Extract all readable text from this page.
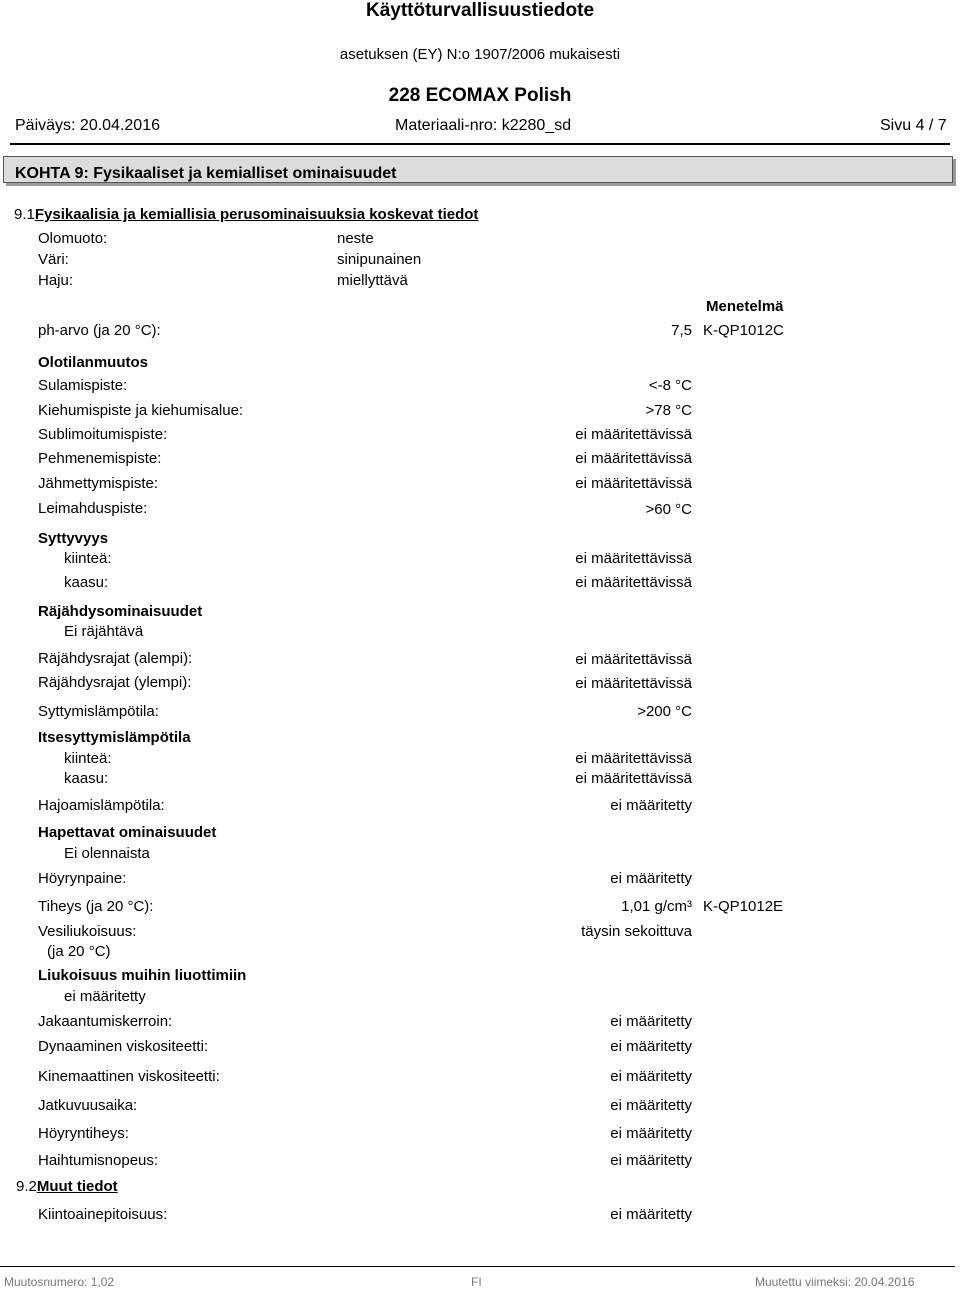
Käyttöturvallisuustiedote
asetuksen (EY) N:o 1907/2006 mukaisesti
228 ECOMAX Polish
Päiväys: 20.04.2016	Materiaali-nro: k2280_sd	Sivu 4 / 7
KOHTA 9: Fysikaaliset ja kemialliset ominaisuudet
9.1Fysikaalisia ja kemiallisia perusominaisuuksia koskevat tiedot
Olomuoto:	neste
Väri:	sinipunainen
Haju:	miellyttävä
Menetelmä
ph-arvo (ja 20 °C):	7,5 K-QP1012C
Olotilanmuutos
Sulamispiste:	<-8 °C
Kiehumispiste ja kiehumisalue:	>78 °C
Sublimoitumispiste:	ei määritettävissä
Pehmenemispiste:	ei määritettävissä
Jähmettymispiste:	ei määritettävissä
Leimahduspiste:	>60 °C
Syttyvyys
kiinteä:	ei määritettävissä
kaasu:	ei määritettävissä
Räjähdysominaisuudet
Ei räjähtävä
Räjähdysrajat (alempi):	ei määritettävissä
Räjähdysrajat (ylempi):	ei määritettävissä
Syttymislämpötila:	>200 °C
Itsesyttymislämpötila
kiinteä:	ei määritettävissä
kaasu:	ei määritettävissä
Hajoamislämpötila:	ei määritetty
Hapettavat ominaisuudet
Ei olennaista
Höyrynpaine:	ei määritetty
Tiheys (ja 20 °C):	1,01 g/cm³ K-QP1012E
Vesiliukoisuus:	täysin sekoittuva
(ja 20 °C)
Liukoisuus muihin liuottimiin
ei määritetty
Jakaantumiskerroin:	ei määritetty
Dynaaminen viskositeetti:	ei määritetty
Kinemaattinen viskositeetti:	ei määritetty
Jatkuvuusaika:	ei määritetty
Höyryntiheys:	ei määritetty
Haihtumisnopeus:	ei määritetty
9.2Muut tiedot
Kiintoainepitoisuus:	ei määritetty
Muutosnumero: 1,02	FI	Muutettu viimeksi: 20.04.2016
